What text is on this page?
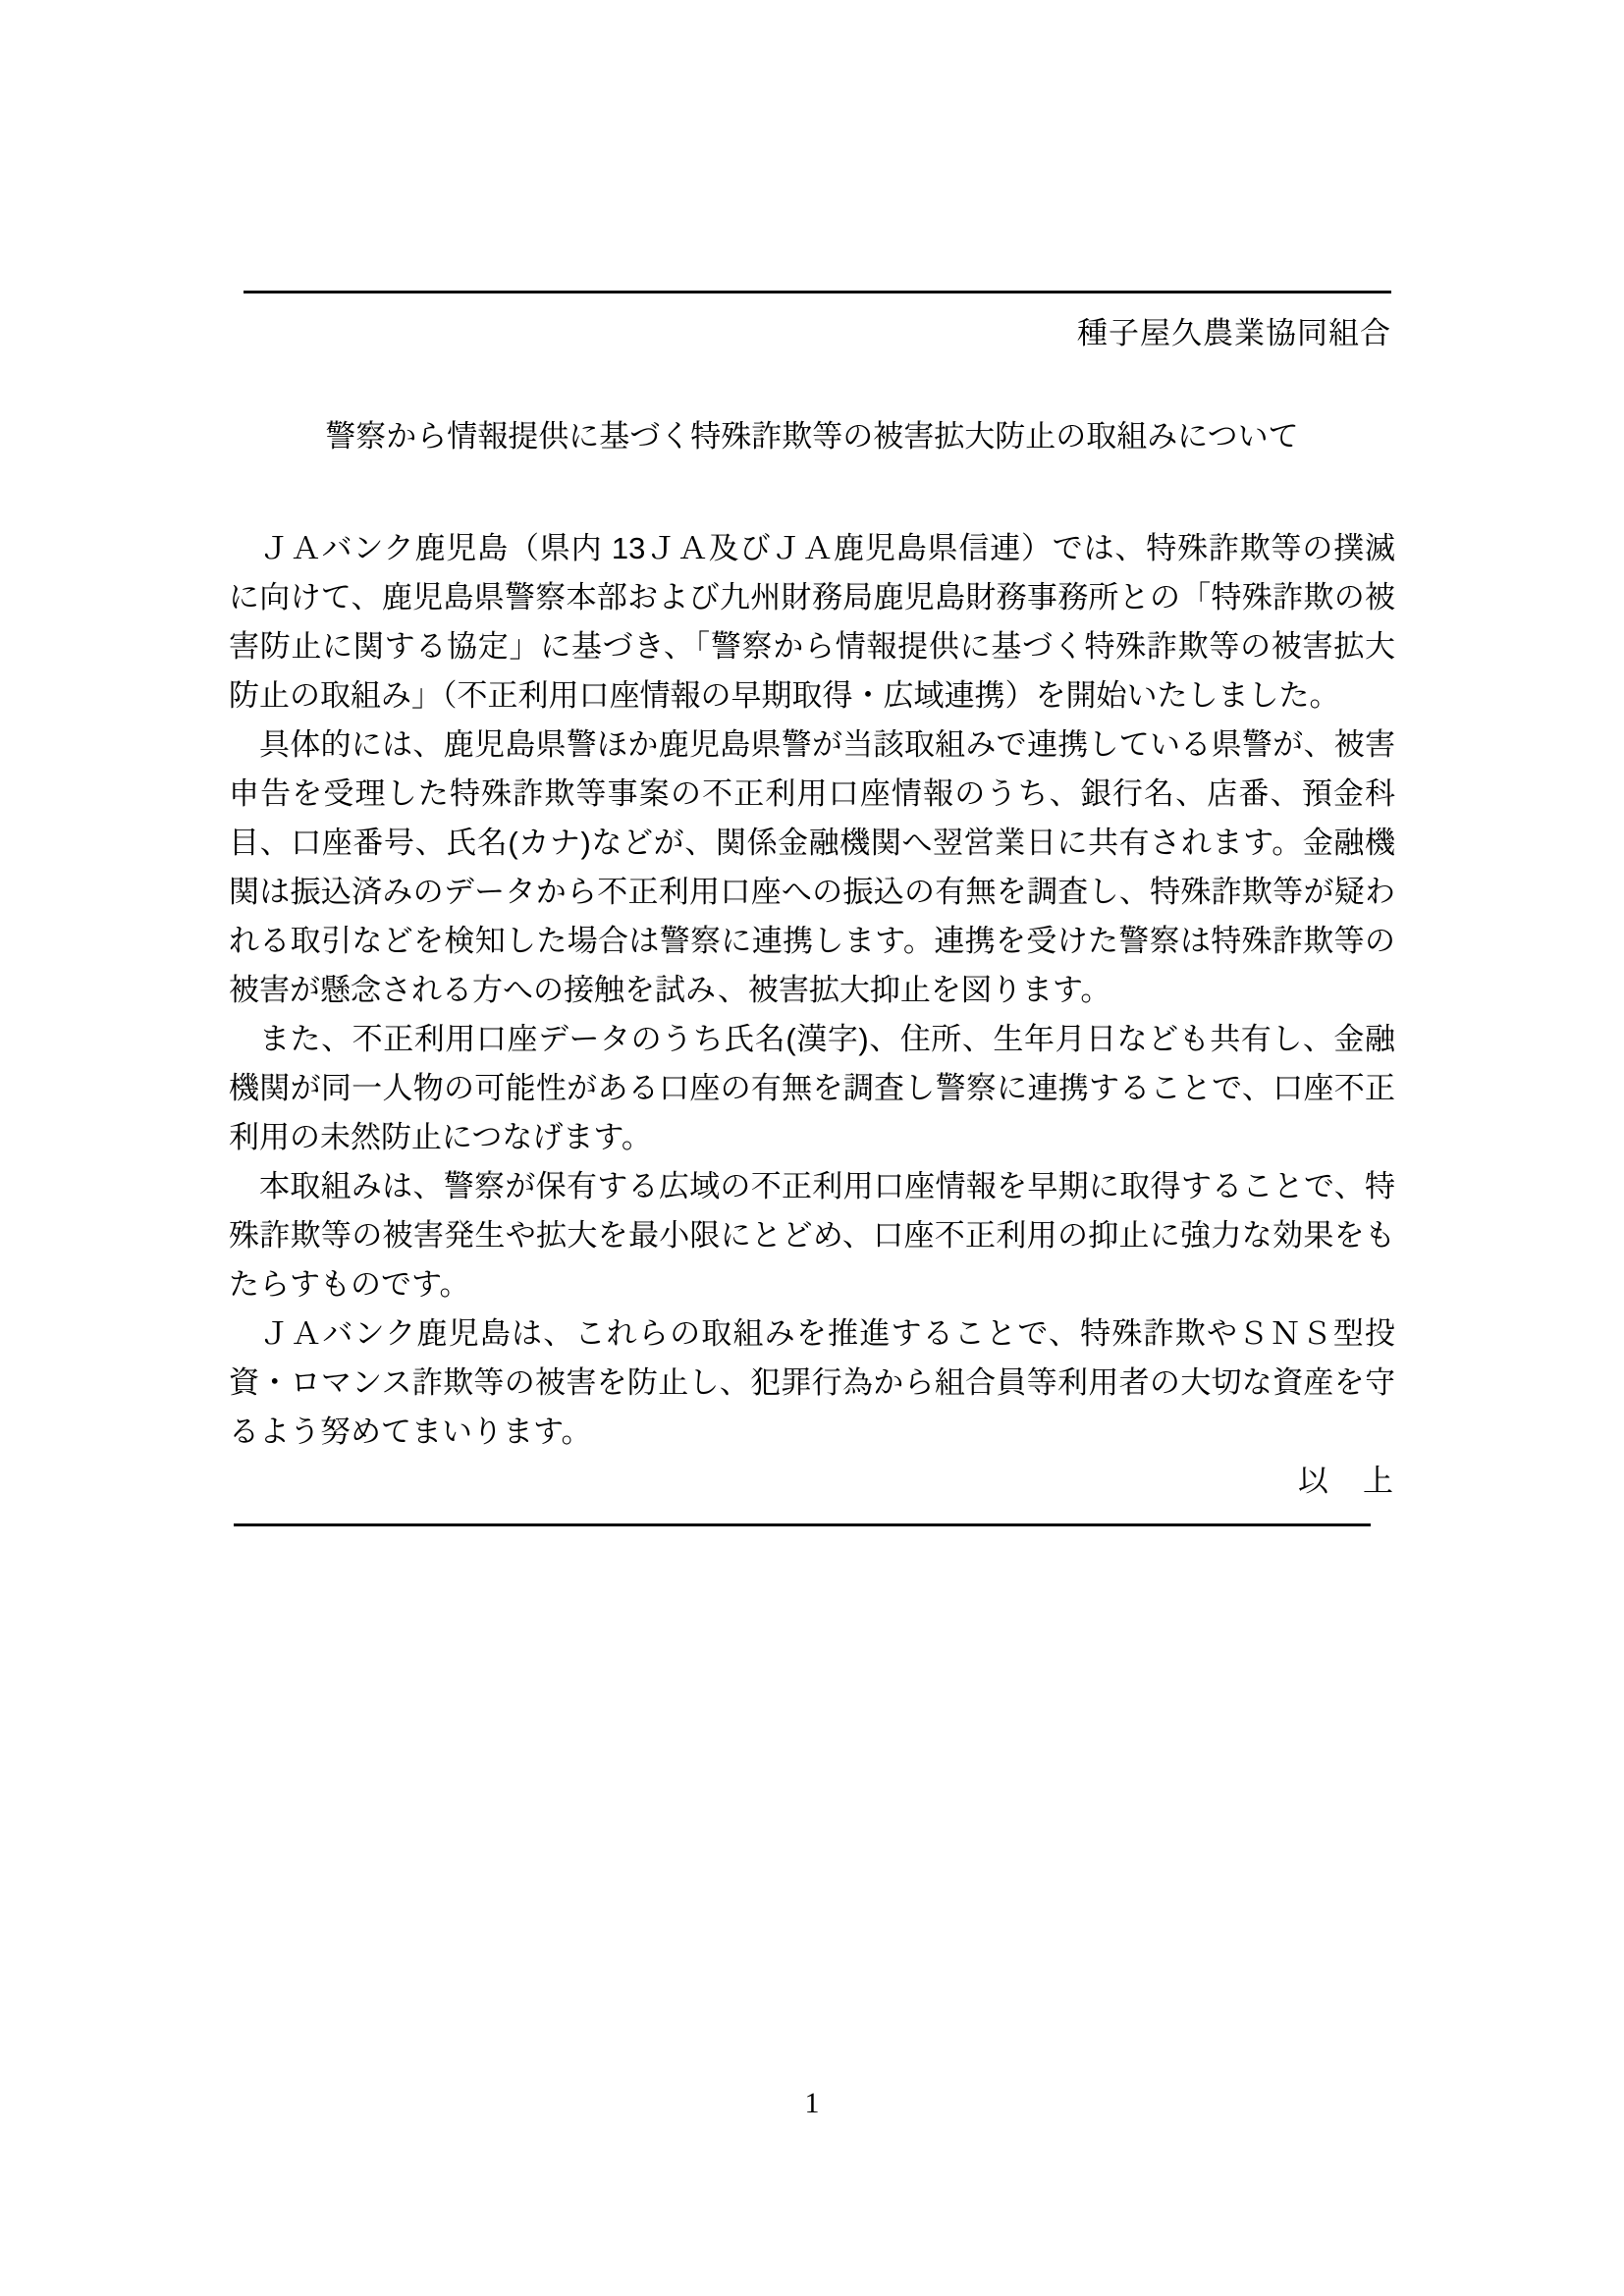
種子屋久農業協同組合
警察から情報提供に基づく特殊詐欺等の被害拡大防止の取組みについて

ＪＡバンク鹿児島（県内 13ＪＡ及びＪＡ鹿児島県信連）では、特殊詐欺等の撲滅に向けて、鹿児島県警察本部および九州財務局鹿児島財務事務所との「特殊詐欺の被害防止に関する協定」に基づき、「警察から情報提供に基づく特殊詐欺等の被害拡大防止の取組み」（不正利用口座情報の早期取得・広域連携）を開始いたしました。

具体的には、鹿児島県警ほか鹿児島県警が当該取組みで連携している県警が、被害申告を受理した特殊詐欺等事案の不正利用口座情報のうち、銀行名、店番、預金科目、口座番号、氏名(カナ)などが、関係金融機関へ翌営業日に共有されます。金融機関は振込済みのデータから不正利用口座への振込の有無を調査し、特殊詐欺等が疑われる取引などを検知した場合は警察に連携します。連携を受けた警察は特殊詐欺等の被害が懸念される方への接触を試み、被害拡大抑止を図ります。

また、不正利用口座データのうち氏名(漢字)、住所、生年月日なども共有し、金融機関が同一人物の可能性がある口座の有無を調査し警察に連携することで、口座不正利用の未然防止につなげます。

本取組みは、警察が保有する広域の不正利用口座情報を早期に取得することで、特殊詐欺等の被害発生や拡大を最小限にとどめ、口座不正利用の抑止に強力な効果をもたらすものです。

ＪＡバンク鹿児島は、これらの取組みを推進することで、特殊詐欺やＳＮＳ型投資・ロマンス詐欺等の被害を防止し、犯罪行為から組合員等利用者の大切な資産を守るよう努めてまいります。

以　上

1
